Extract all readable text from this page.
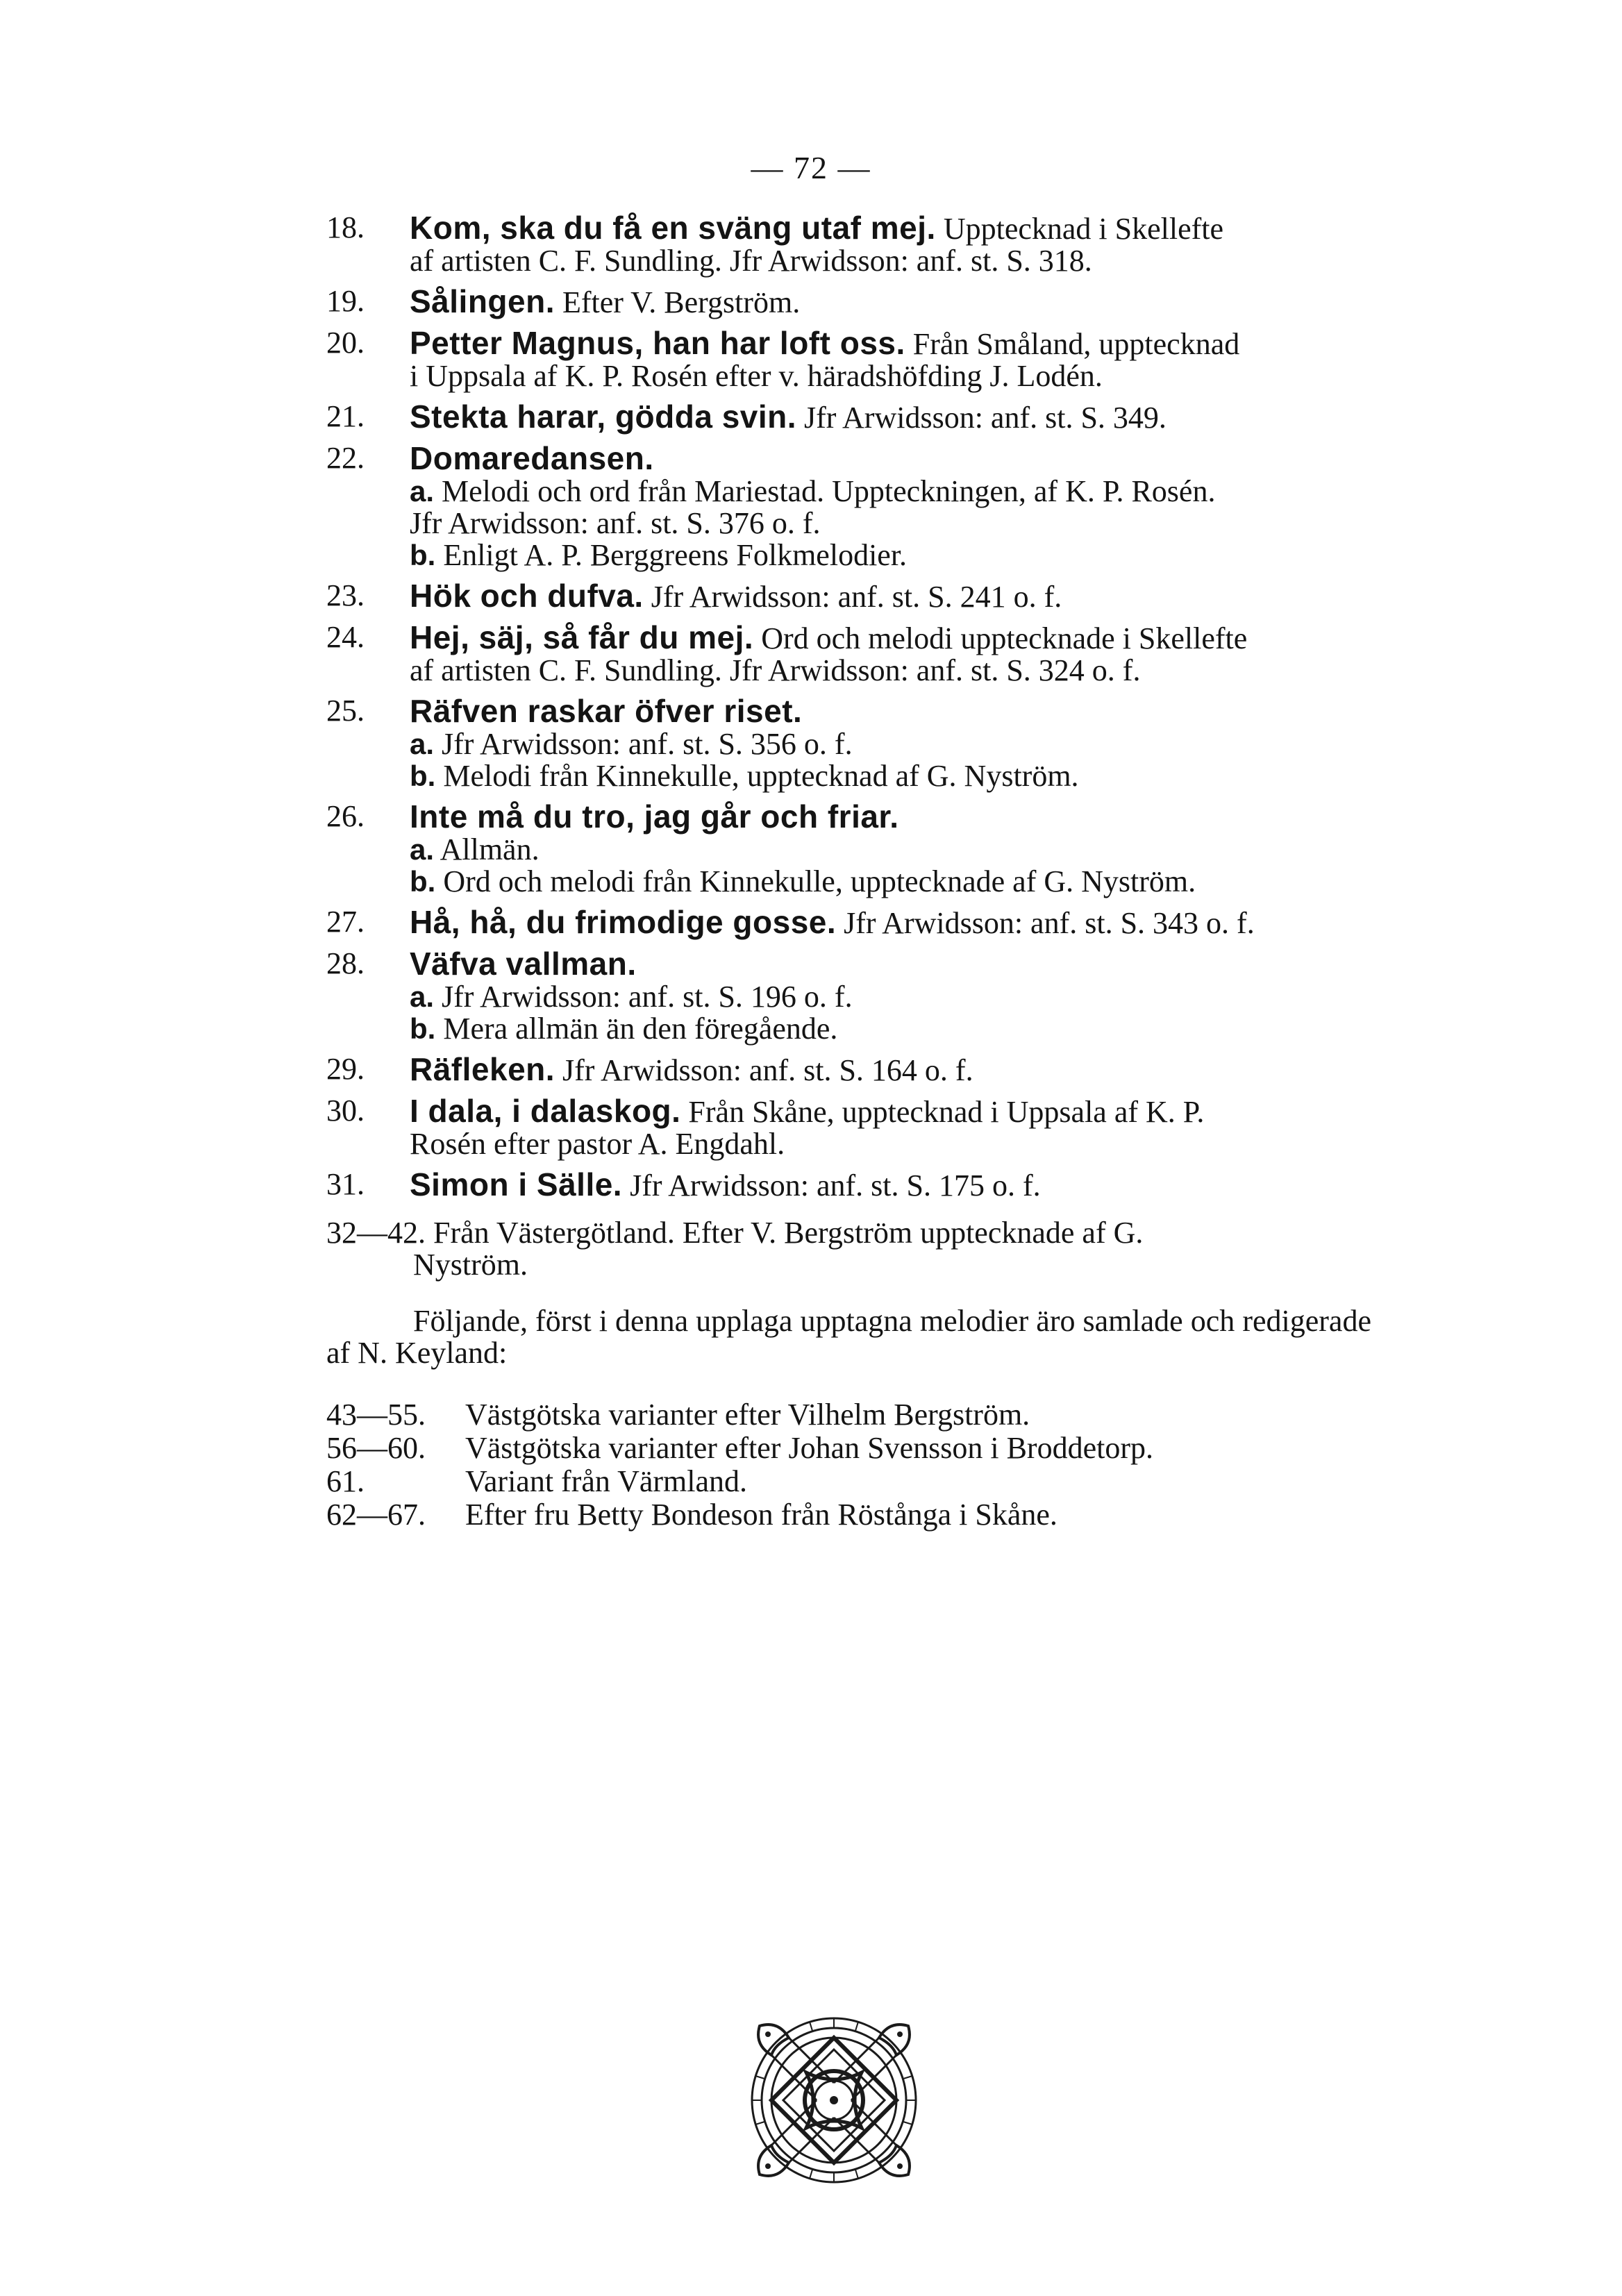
— 72 —
18.	Kom, ska du få en sväng utaf mej. Upptecknad i Skellefte
af artisten C. F. Sundling. Jfr Arwidsson: anf. st. S. 318.
19.	Sålingen. Efter V. Bergström.
20.	Petter Magnus, han har loft oss. Från Småland, upptecknad
i Uppsala af K. P. Rosén efter v. häradshöfding J. Lodén.
21.	Stekta harar, gödda svin. Jfr Arwidsson: anf. st. S. 349.
22.	Domaredansen.
a. Melodi och ord från Mariestad. Uppteckningen, af K. P. Rosén.
Jfr Arwidsson: anf. st. S. 376 o. f.
b. Enligt A. P. Berggreens Folkmelodier.
23.	Hök och dufva. Jfr Arwidsson: anf. st. S. 241 o. f.
24.	Hej, säj, så får du mej. Ord och melodi upptecknade i Skellefte
af artisten C. F. Sundling. Jfr Arwidsson: anf. st. S. 324 o. f.
25.	Räfven raskar öfver riset.
a. Jfr Arwidsson: anf. st. S. 356 o. f.
b. Melodi från Kinnekulle, upptecknad af G. Nyström.
26.	Inte må du tro, jag går och friar.
a. Allmän.
b. Ord och melodi från Kinnekulle, upptecknade af G. Nyström.
27.	Hå, hå, du frimodige gosse. Jfr Arwidsson: anf. st. S. 343 o. f.
28.	Väfva vallman.
a. Jfr Arwidsson: anf. st. S. 196 o. f.
b. Mera allmän än den föregående.
29.	Räfleken. Jfr Arwidsson: anf. st. S. 164 o. f.
30.	I dala, i dalaskog. Från Skåne, upptecknad i Uppsala af K. P.
Rosén efter pastor A. Engdahl.
31.	Simon i Sälle. Jfr Arwidsson: anf. st. S. 175 o. f.
32—42. Från Västergötland. Efter V. Bergström upptecknade af G.
Nyström.
Följande, först i denna upplaga upptagna melodier äro samlade och redigerade af N. Keyland:
43—55.	Västgötska varianter efter Vilhelm Bergström.
56—60.	Västgötska varianter efter Johan Svensson i Broddetorp.
61.	Variant från Värmland.
62—67.	Efter fru Betty Bondeson från Röstånga i Skåne.
